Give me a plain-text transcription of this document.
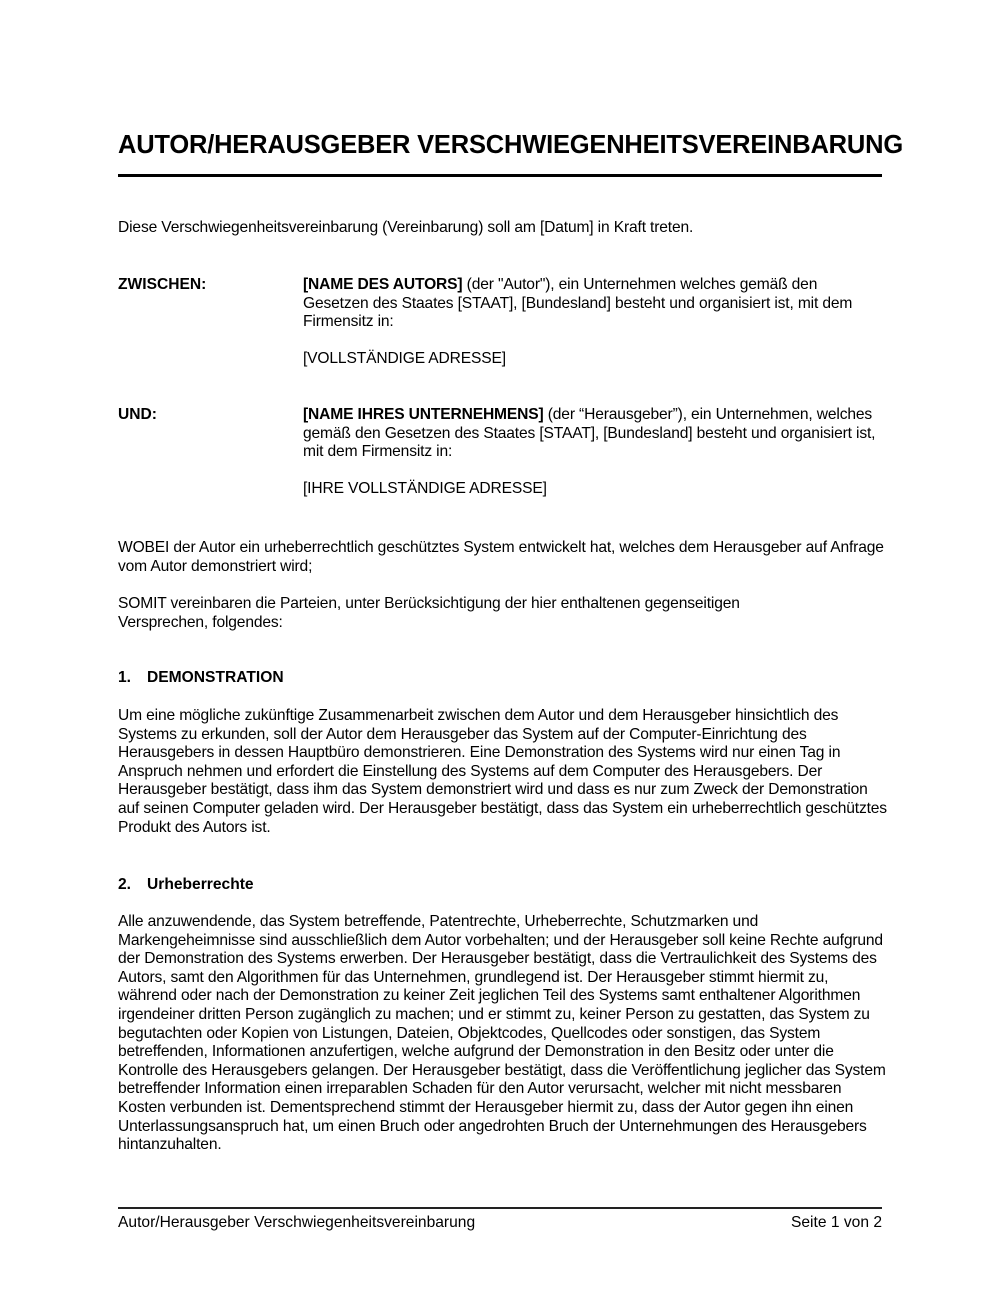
AUTOR/HERAUSGEBER VERSCHWIEGENHEITSVEREINBARUNG
Diese Verschwiegenheitsvereinbarung (Vereinbarung) soll am [Datum] in Kraft treten.
ZWISCHEN:	[NAME DES AUTORS] (der "Autor"), ein Unternehmen welches gemäß den Gesetzen des Staates [STAAT], [Bundesland] besteht und organisiert ist, mit dem Firmensitz in:
[VOLLSTÄNDIGE ADRESSE]
UND:	[NAME IHRES UNTERNEHMENS] (der “Herausgeber”), ein Unternehmen, welches gemäß den Gesetzen des Staates [STAAT], [Bundesland] besteht und organisiert ist, mit dem Firmensitz in:
[IHRE VOLLSTÄNDIGE ADRESSE]
WOBEI der Autor ein urheberrechtlich geschütztes System entwickelt hat, welches dem Herausgeber auf Anfrage vom Autor demonstriert wird;
SOMIT vereinbaren die Parteien, unter Berücksichtigung der hier enthaltenen gegenseitigen Versprechen, folgendes:
1. DEMONSTRATION
Um eine mögliche zukünftige Zusammenarbeit zwischen dem Autor und dem Herausgeber hinsichtlich des Systems zu erkunden, soll der Autor dem Herausgeber das System auf der Computer-Einrichtung des Herausgebers in dessen Hauptbüro demonstrieren. Eine Demonstration des Systems wird nur einen Tag in Anspruch nehmen und erfordert die Einstellung des Systems auf dem Computer des Herausgebers. Der Herausgeber bestätigt, dass ihm das System demonstriert wird und dass es nur zum Zweck der Demonstration auf seinen Computer geladen wird. Der Herausgeber bestätigt, dass das System ein urheberrechtlich geschütztes Produkt des Autors ist.
2. Urheberrechte
Alle anzuwendende, das System betreffende, Patentrechte, Urheberrechte, Schutzmarken und Markengeheimnisse sind ausschließlich dem Autor vorbehalten; und der Herausgeber soll keine Rechte aufgrund der Demonstration des Systems erwerben. Der Herausgeber bestätigt, dass die Vertraulichkeit des Systems des Autors, samt den Algorithmen für das Unternehmen, grundlegend ist. Der Herausgeber stimmt hiermit zu, während oder nach der Demonstration zu keiner Zeit jeglichen Teil des Systems samt enthaltener Algorithmen irgendeiner dritten Person zugänglich zu machen; und er stimmt zu, keiner Person zu gestatten, das System zu begutachten oder Kopien von Listungen, Dateien, Objektcodes, Quellcodes oder sonstigen, das System betreffenden, Informationen anzufertigen, welche aufgrund der Demonstration in den Besitz oder unter die Kontrolle des Herausgebers gelangen. Der Herausgeber bestätigt, dass die Veröffentlichung jeglicher das System betreffender Information einen irreparablen Schaden für den Autor verursacht, welcher mit nicht messbaren Kosten verbunden ist. Dementsprechend stimmt der Herausgeber hiermit zu, dass der Autor gegen ihn einen Unterlassungsanspruch hat, um einen Bruch oder angedrohten Bruch der Unternehmungen des Herausgebers hintanzuhalten.
Autor/Herausgeber Verschwiegenheitsvereinbarung	Seite 1 von 2
